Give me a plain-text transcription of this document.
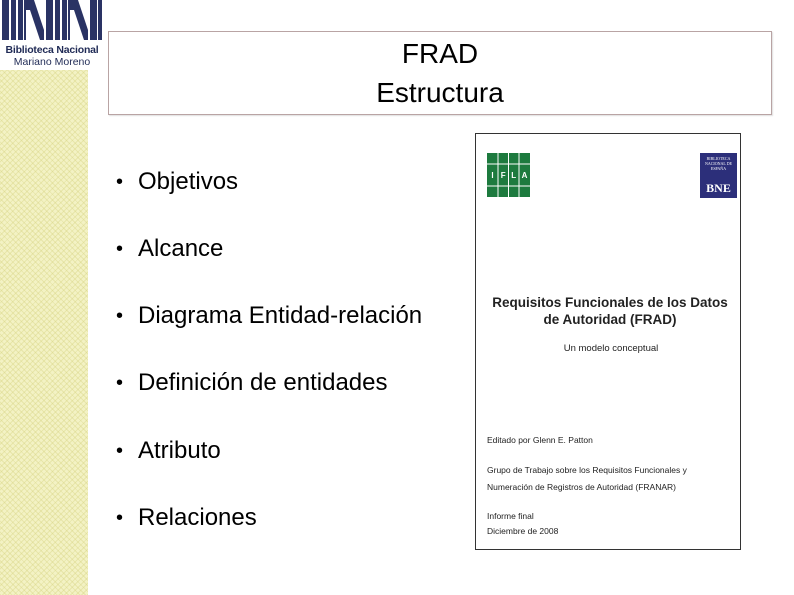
Biblioteca Nacional
Mariano Moreno	FRAD
Estructura
• Objetivos
• Alcance
• Diagrama Entidad-relación
• Definición de entidades
• Atributo
• Relaciones
I F L A
BIBLIOTECA NACIONAL DE ESPAÑA
BNE
Requisitos Funcionales de los Datos de Autoridad (FRAD)
Un modelo conceptual
Editado por Glenn E. Patton
Grupo de Trabajo sobre los Requisitos Funcionales y
Numeración de Registros de Autoridad (FRANAR)
Informe final
Diciembre de 2008
